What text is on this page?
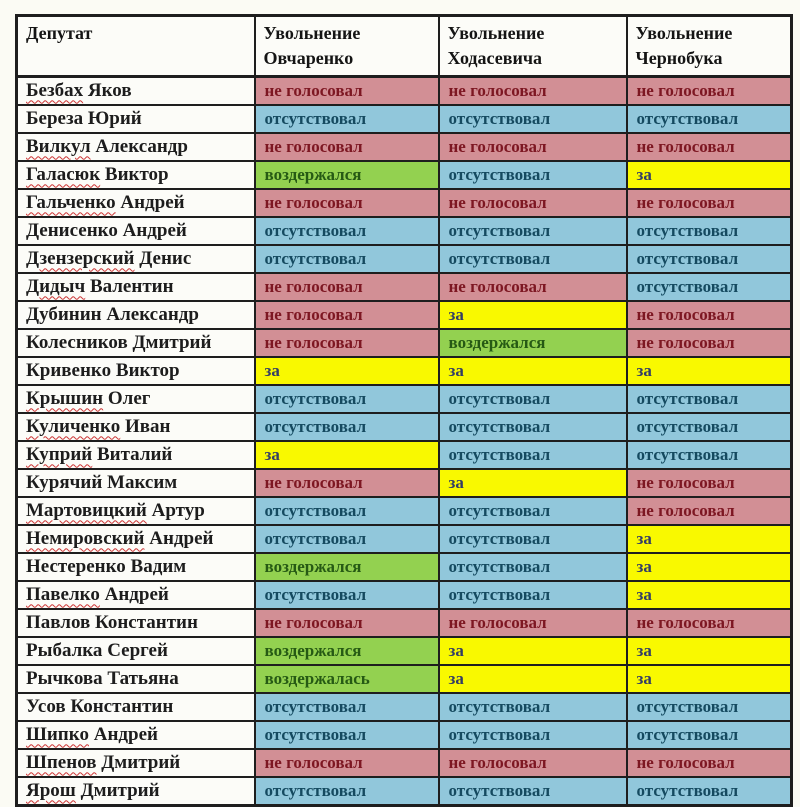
Депутат	Увольнение Овчаренко	Увольнение Ходасевича	Увольнение Чернобука
Безбах Яков	не голосовал	не голосовал	не голосовал
Береза Юрий	отсутствовал	отсутствовал	отсутствовал
Вилкул Александр	не голосовал	не голосовал	не голосовал
Галасюк Виктор	воздержался	отсутствовал	за
Гальченко Андрей	не голосовал	не голосовал	не голосовал
Денисенко Андрей	отсутствовал	отсутствовал	отсутствовал
Дзензерский Денис	отсутствовал	отсутствовал	отсутствовал
Дидыч Валентин	не голосовал	не голосовал	отсутствовал
Дубинин Александр	не голосовал	за	не голосовал
Колесников Дмитрий	не голосовал	воздержался	не голосовал
Кривенко Виктор	за	за	за
Крышин Олег	отсутствовал	отсутствовал	отсутствовал
Куличенко Иван	отсутствовал	отсутствовал	отсутствовал
Куприй Виталий	за	отсутствовал	отсутствовал
Курячий Максим	не голосовал	за	не голосовал
Мартовицкий Артур	отсутствовал	отсутствовал	не голосовал
Немировский Андрей	отсутствовал	отсутствовал	за
Нестеренко Вадим	воздержался	отсутствовал	за
Павелко Андрей	отсутствовал	отсутствовал	за
Павлов Константин	не голосовал	не голосовал	не голосовал
Рыбалка Сергей	воздержался	за	за
Рычкова Татьяна	воздержалась	за	за
Усов Константин	отсутствовал	отсутствовал	отсутствовал
Шипко Андрей	отсутствовал	отсутствовал	отсутствовал
Шпенов Дмитрий	не голосовал	не голосовал	не голосовал
Ярош Дмитрий	отсутствовал	отсутствовал	отсутствовал
